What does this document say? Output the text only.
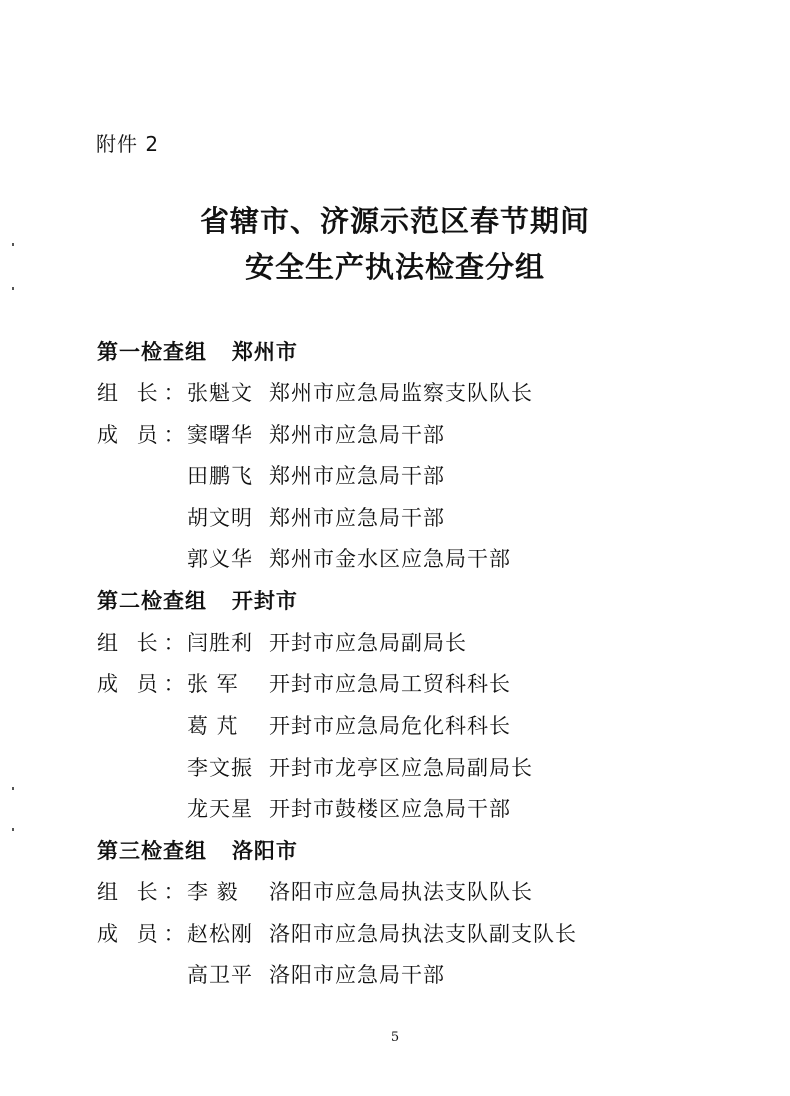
附件 2
省辖市、济源示范区春节期间
安全生产执法检查分组
第一检查组   郑州市
组 长：
张魁文 郑州市应急局监察支队队长
成 员：
窦曙华 郑州市应急局干部
田鹏飞 郑州市应急局干部
胡文明 郑州市应急局干部
郭义华 郑州市金水区应急局干部
第二检查组   开封市
组 长：
闫胜利 开封市应急局副局长
成 员：
张 军	开封市应急局工贸科科长
葛 芃	开封市应急局危化科科长
李文振 开封市龙亭区应急局副局长
龙天星 开封市鼓楼区应急局干部
第三检查组   洛阳市
组 长：
李 毅	洛阳市应急局执法支队队长
成 员：
赵松刚 洛阳市应急局执法支队副支队长
高卫平 洛阳市应急局干部
5
